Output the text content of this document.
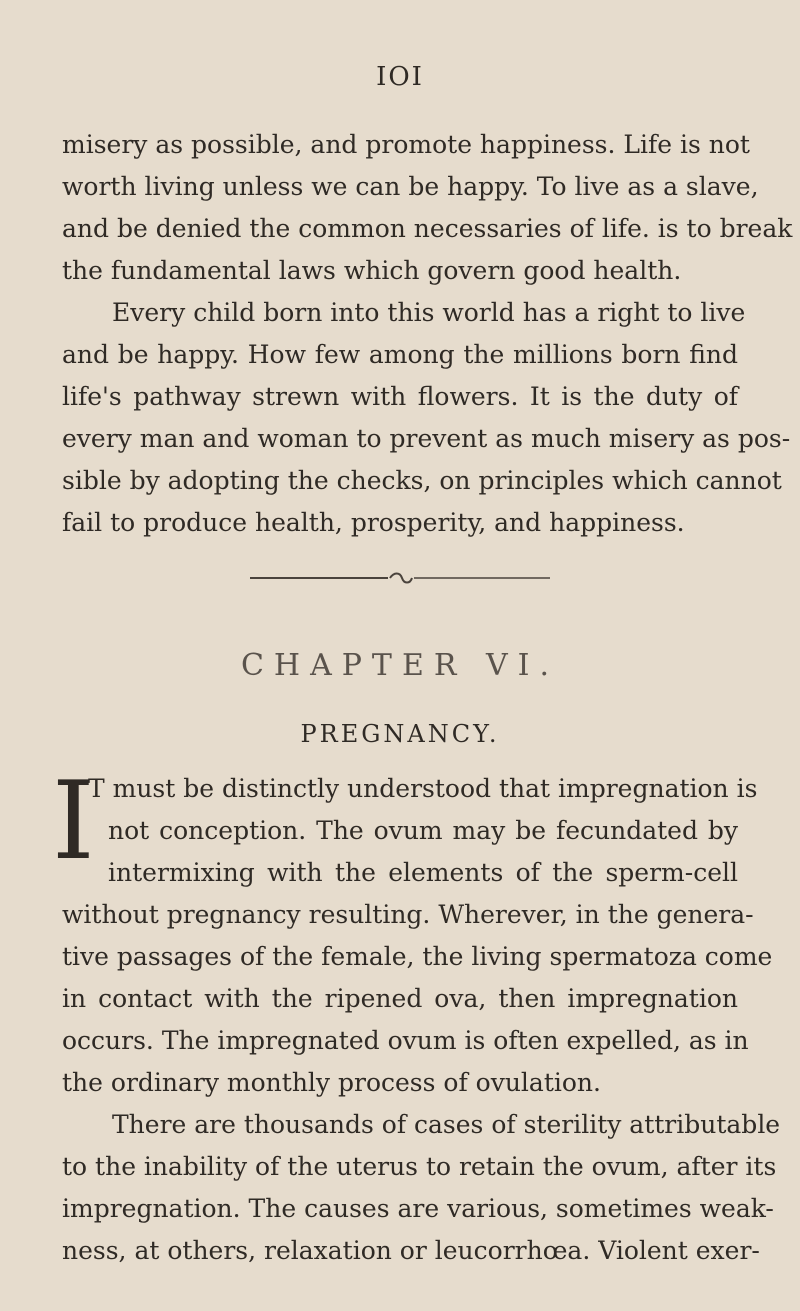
IOI
misery as possible, and promote happiness. Life is not
worth living unless we can be happy. To live as a slave,
and be denied the common necessaries of life. is to break
the fundamental laws which govern good health.
Every child born into this world has a right to live
and be happy. How few among the millions born find
life's pathway strewn with flowers. It is the duty of
every man and woman to prevent as much misery as pos-
sible by adopting the checks, on principles which cannot
fail to produce health, prosperity, and happiness.
CHAPTER VI.
PREGNANCY.
I
T must be distinctly understood that impregnation is
not conception. The ovum may be fecundated by
intermixing with the elements of the sperm-cell
without pregnancy resulting. Wherever, in the genera-
tive passages of the female, the living spermatoza come
in contact with the ripened ova, then impregnation
occurs. The impregnated ovum is often expelled, as in
the ordinary monthly process of ovulation.
There are thousands of cases of sterility attributable
to the inability of the uterus to retain the ovum, after its
impregnation. The causes are various, sometimes weak-
ness, at others, relaxation or leucorrhœa. Violent exer-
